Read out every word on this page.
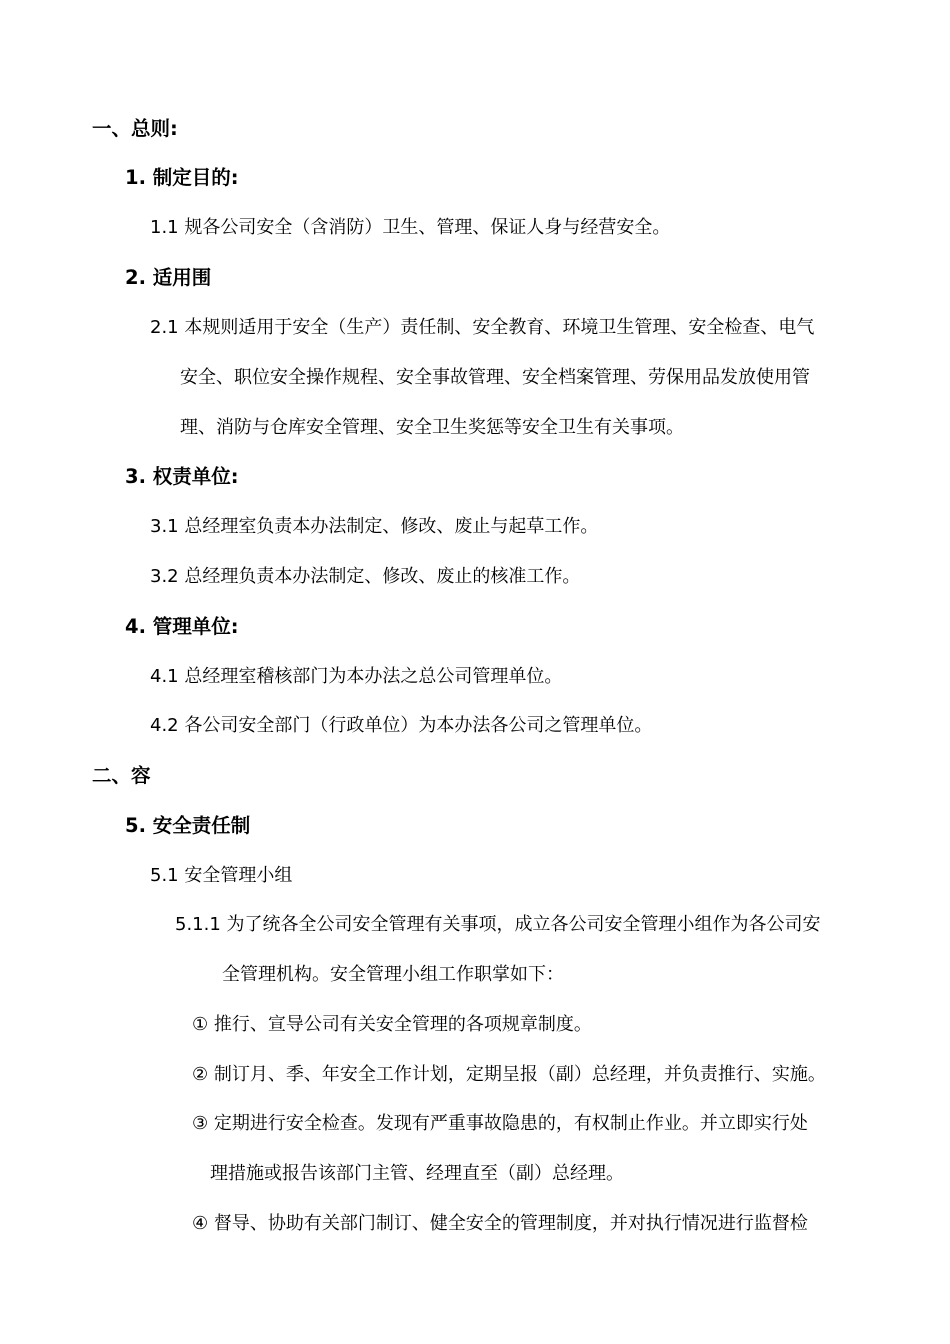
一、总则:
1. 制定目的:
1.1 规各公司安全（含消防）卫生、管理、保证人身与经营安全。
2. 适用围
2.1 本规则适用于安全（生产）责任制、安全教育、环境卫生管理、安全检查、电气
安全、职位安全操作规程、安全事故管理、安全档案管理、劳保用品发放使用管
理、消防与仓库安全管理、安全卫生奖惩等安全卫生有关事项。
3. 权责单位:
3.1 总经理室负责本办法制定、修改、废止与起草工作。
3.2 总经理负责本办法制定、修改、废止的核准工作。
4. 管理单位:
4.1 总经理室稽核部门为本办法之总公司管理单位。
4.2 各公司安全部门（行政单位）为本办法各公司之管理单位。
二、容
5. 安全责任制
5.1 安全管理小组
5.1.1 为了统各全公司安全管理有关事项，成立各公司安全管理小组作为各公司安
全管理机构。安全管理小组工作职掌如下：
① 推行、宣导公司有关安全管理的各项规章制度。
② 制订月、季、年安全工作计划，定期呈报（副）总经理，并负责推行、实施。
③ 定期进行安全检查。发现有严重事故隐患的，有权制止作业。并立即实行处
理措施或报告该部门主管、经理直至（副）总经理。
④ 督导、协助有关部门制订、健全安全的管理制度，并对执行情况进行监督检
